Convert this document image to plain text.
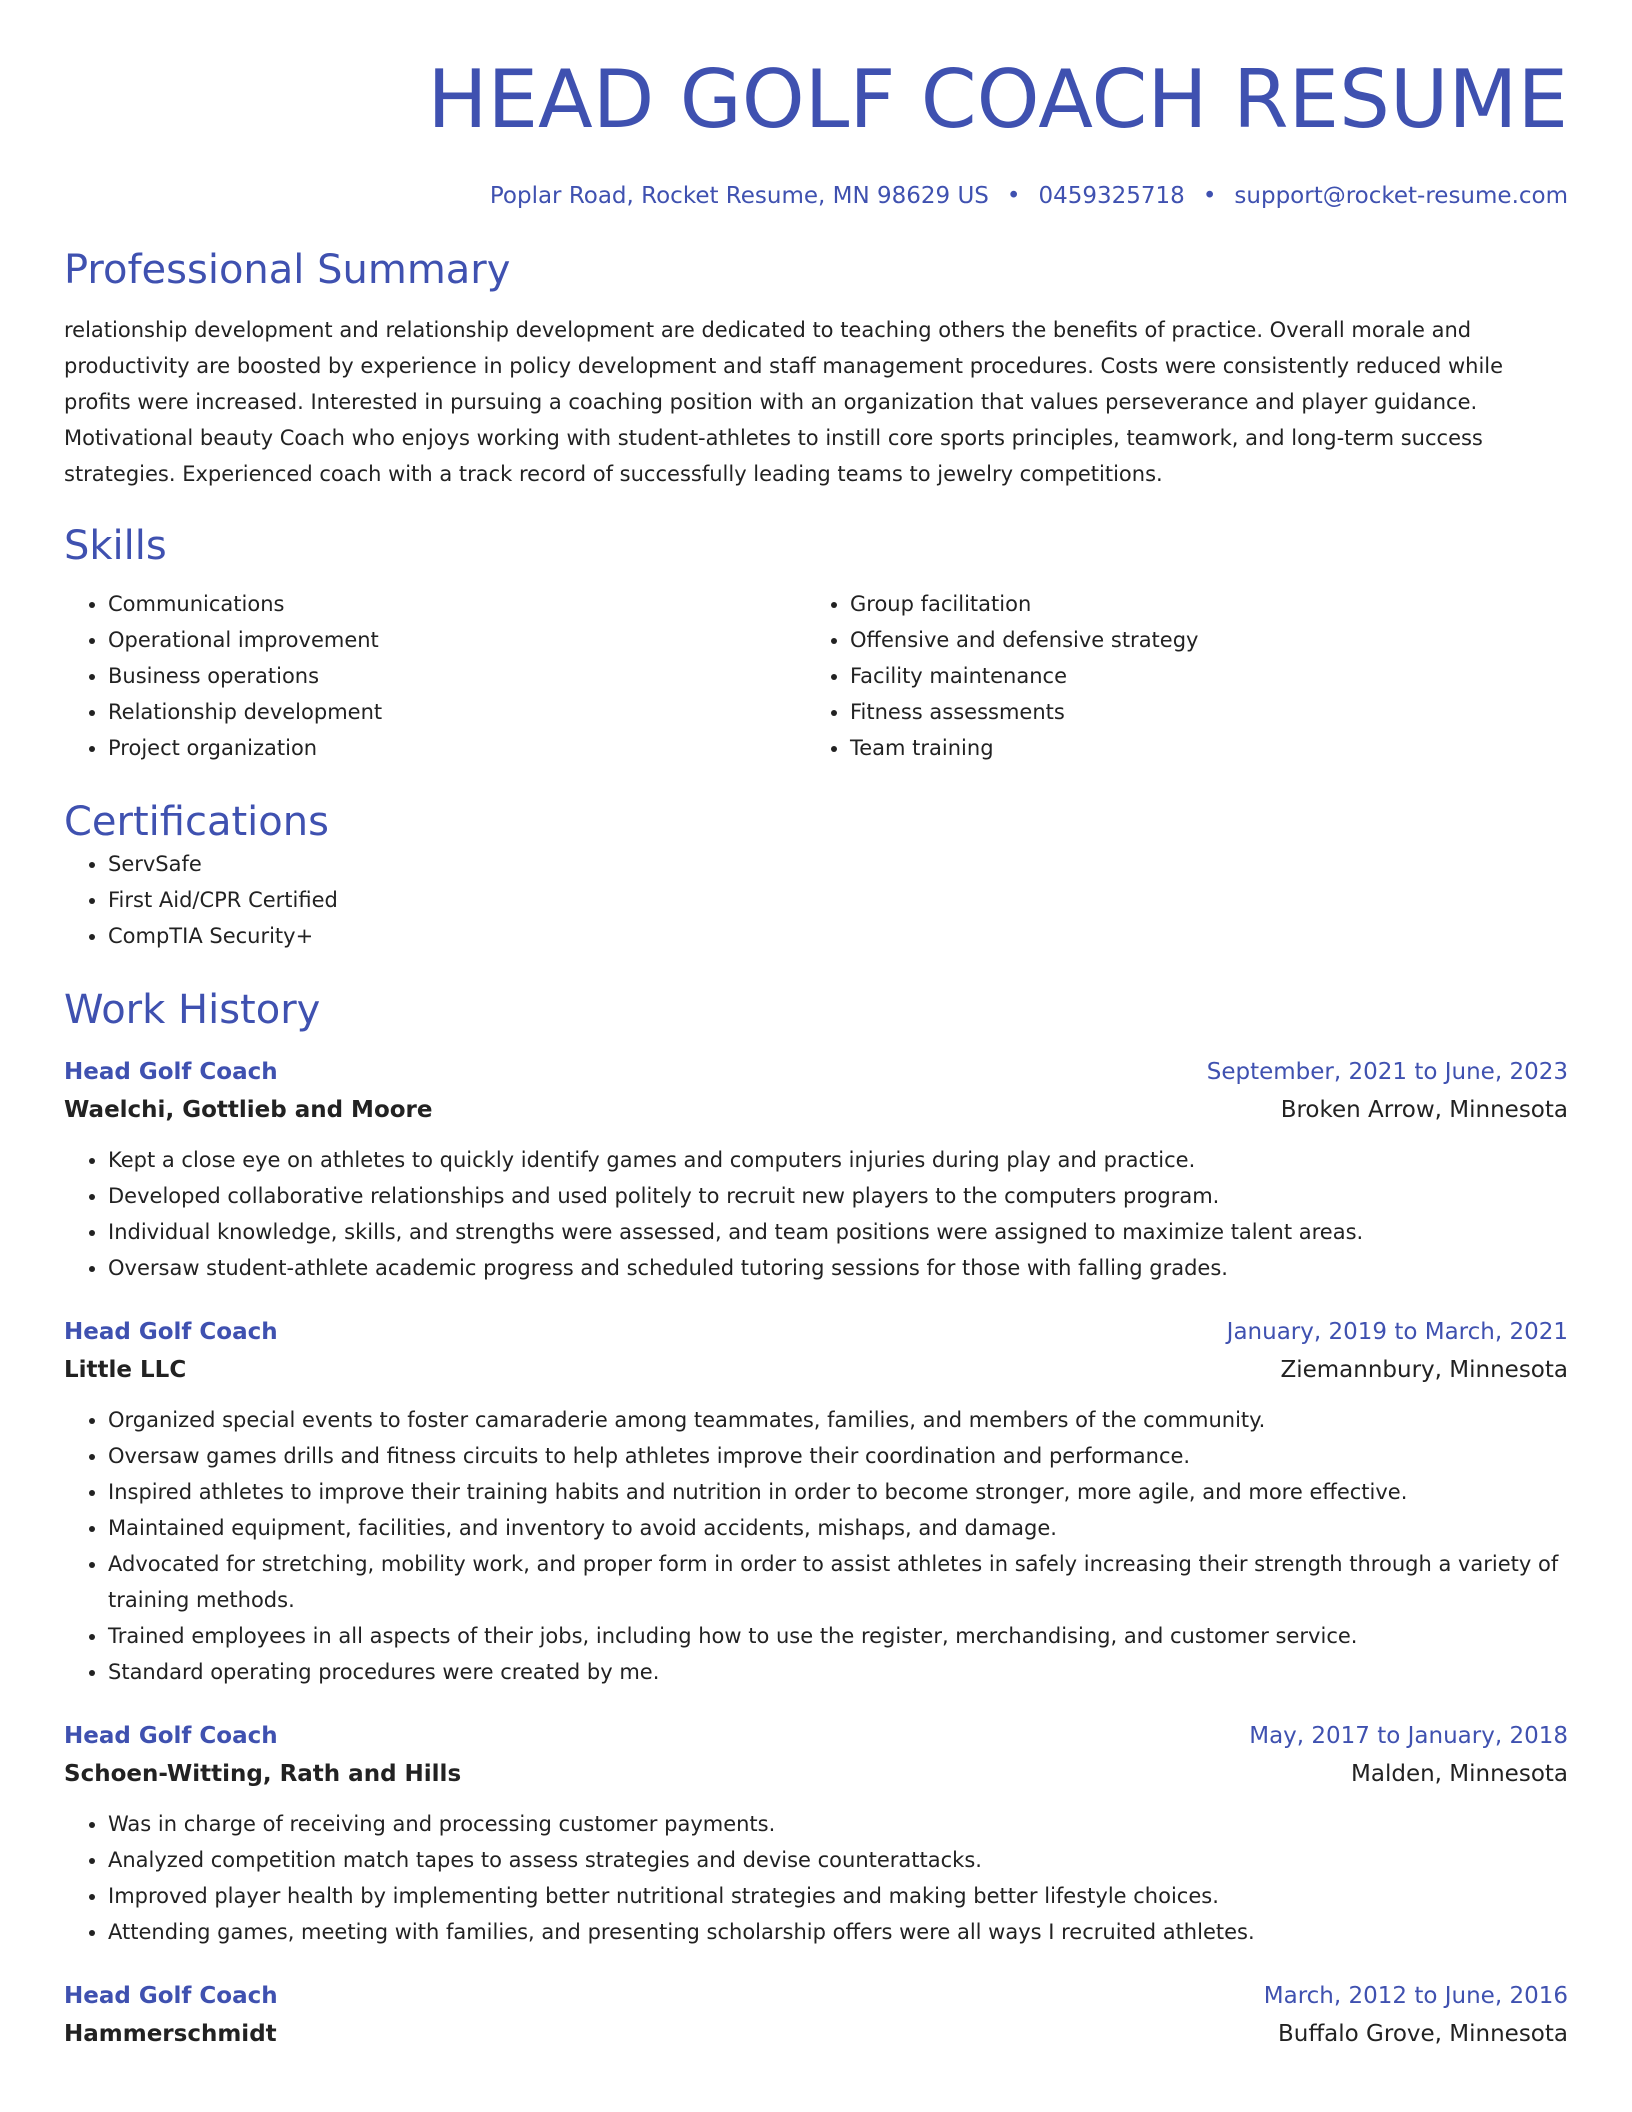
HEAD GOLF COACH RESUME
Poplar Road, Rocket Resume, MN 98629 US • 0459325718 • support@rocket-resume.com
Professional Summary
relationship development and relationship development are dedicated to teaching others the benefits of practice. Overall morale and productivity are boosted by experience in policy development and staff management procedures. Costs were consistently reduced while profits were increased. Interested in pursuing a coaching position with an organization that values perseverance and player guidance. Motivational beauty Coach who enjoys working with student-athletes to instill core sports principles, teamwork, and long-term success strategies. Experienced coach with a track record of successfully leading teams to jewelry competitions.
Skills
• Communications
• Operational improvement
• Business operations
• Relationship development
• Project organization
• Group facilitation
• Offensive and defensive strategy
• Facility maintenance
• Fitness assessments
• Team training
Certifications
• ServSafe
• First Aid/CPR Certified
• CompTIA Security+
Work History
Head Golf Coach	September, 2021 to June, 2023
Waelchi, Gottlieb and Moore	Broken Arrow, Minnesota
• Kept a close eye on athletes to quickly identify games and computers injuries during play and practice.
• Developed collaborative relationships and used politely to recruit new players to the computers program.
• Individual knowledge, skills, and strengths were assessed, and team positions were assigned to maximize talent areas.
• Oversaw student-athlete academic progress and scheduled tutoring sessions for those with falling grades.
Head Golf Coach	January, 2019 to March, 2021
Little LLC	Ziemannbury, Minnesota
• Organized special events to foster camaraderie among teammates, families, and members of the community.
• Oversaw games drills and fitness circuits to help athletes improve their coordination and performance.
• Inspired athletes to improve their training habits and nutrition in order to become stronger, more agile, and more effective.
• Maintained equipment, facilities, and inventory to avoid accidents, mishaps, and damage.
• Advocated for stretching, mobility work, and proper form in order to assist athletes in safely increasing their strength through a variety of training methods.
• Trained employees in all aspects of their jobs, including how to use the register, merchandising, and customer service.
• Standard operating procedures were created by me.
Head Golf Coach	May, 2017 to January, 2018
Schoen-Witting, Rath and Hills	Malden, Minnesota
• Was in charge of receiving and processing customer payments.
• Analyzed competition match tapes to assess strategies and devise counterattacks.
• Improved player health by implementing better nutritional strategies and making better lifestyle choices.
• Attending games, meeting with families, and presenting scholarship offers were all ways I recruited athletes.
Head Golf Coach	March, 2012 to June, 2016
Hammerschmidt	Buffalo Grove, Minnesota
